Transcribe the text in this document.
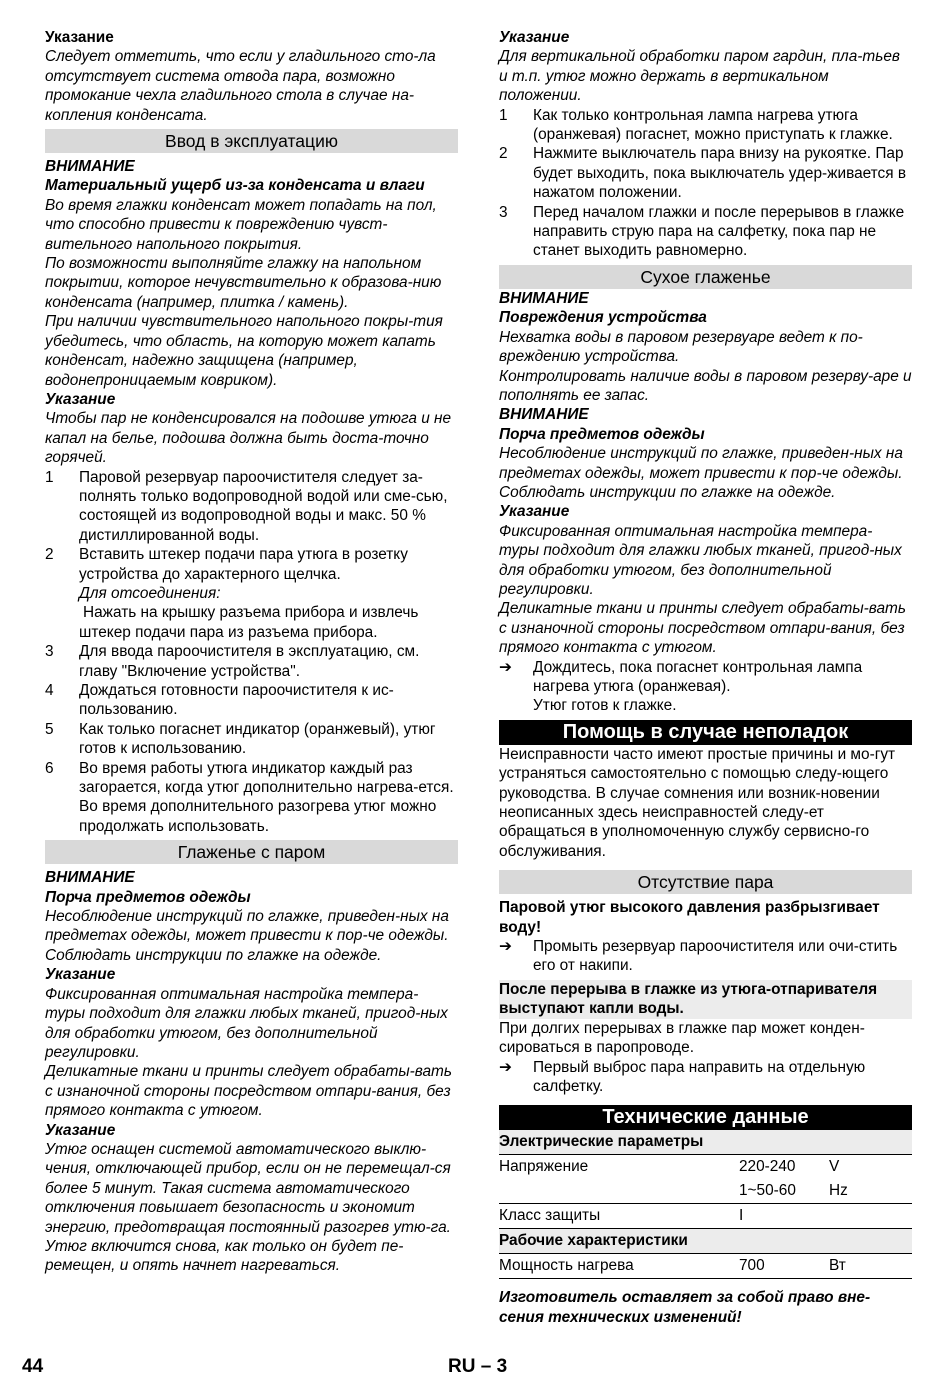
Указание

Следует отметить, что если у гладильного сто-ла отсутствует система отвода пара, возможно промокание чехла гладильного стола в случае на-копления конденсата.

Ввод в эксплуатацию

ВНИМАНИЕ

Материальный ущерб из-за конденсата и влаги

Во время глажки конденсат может попадать на пол, что способно привести к повреждению чувст-вительного напольного покрытия.

По возможности выполняйте глажку на напольном покрытии, которое нечувствительно к образова-нию конденсата (например, плитка / камень).

При наличии чувствительного напольного покры-тия убедитесь, что область, на которую может капать конденсат, надежно защищена (например, водонепроницаемым ковриком).

Указание

Чтобы пар не конденсировался на подошве утюга и не капал на белье, подошва должна быть доста-точно горячей.

1	Паровой резервуар пароочистителя следует за-полнять только водопроводной водой или сме-сью, состоящей из водопроводной воды и макс. 50 % дистиллированной воды.
2	Вставить штекер подачи пара утюга в розетку устройства до характерного щелчка.
Для отсоединения:
Нажать на крышку разъема прибора и извлечь штекер подачи пара из разъема прибора.
3	Для ввода пароочистителя в эксплуатацию, см. главу "Включение устройства".
4	Дождаться готовности пароочистителя к ис-пользованию.
5	Как только погаснет индикатор (оранжевый), утюг готов к использованию.
6	Во время работы утюга индикатор каждый раз загорается, когда утюг дополнительно нагрева-ется. Во время дополнительного разогрева утюг можно продолжать использовать.

Глаженье с паром

ВНИМАНИЕ

Порча предметов одежды

Несоблюдение инструкций по глажке, приведен-ных на предметах одежды, может привести к пор-че одежды.

Соблюдать инструкции по глажке на одежде.

Указание

Фиксированная оптимальная настройка темпера-туры подходит для глажки любых тканей, пригод-ных для обработки утюгом, без дополнительной регулировки.

Деликатные ткани и принты следует обрабаты-вать с изнаночной стороны посредством отпари-вания, без прямого контакта с утюгом.

Указание

Утюг оснащен системой автоматического выклю-чения, отключающей прибор, если он не перемещал-ся более 5 минут. Такая система автоматического отключения повышает безопасность и экономит энергию, предотвращая постоянный разогрев утю-га. Утюг включится снова, как только он будет пе-ремещен, и опять начнет нагреваться.

Указание

Для вертикальной обработки паром гардин, пла-тьев и т.п. утюг можно держать в вертикальном положении.

1	Как только контрольная лампа нагрева утюга (оранжевая) погаснет, можно приступать к глажке.
2	Нажмите выключатель пара внизу на рукоятке. Пар будет выходить, пока выключатель удер-живается в нажатом положении.
3	Перед началом глажки и после перерывов в глажке направить струю пара на салфетку, пока пар не станет выходить равномерно.

Сухое глаженье

ВНИМАНИЕ

Повреждения устройства

Нехватка воды в паровом резервуаре ведет к по-вреждению устройства.

Контролировать наличие воды в паровом резерву-аре и пополнять ее запас.

ВНИМАНИЕ

Порча предметов одежды

Несоблюдение инструкций по глажке, приведен-ных на предметах одежды, может привести к пор-че одежды.

Соблюдать инструкции по глажке на одежде.

Указание

Фиксированная оптимальная настройка темпера-туры подходит для глажки любых тканей, пригод-ных для обработки утюгом, без дополнительной регулировки.

Деликатные ткани и принты следует обрабаты-вать с изнаночной стороны посредством отпари-вания, без прямого контакта с утюгом.

➔	Дождитесь, пока погаснет контрольная лампа нагрева утюга (оранжевая).
Утюг готов к глажке.

Помощь в случае неполадок

Неисправности часто имеют простые причины и мо-гут устраняться самостоятельно с помощью следу-ющего руководства. В случае сомнения или возник-новении неописанных здесь неисправностей следу-ет обращаться в уполномоченную службу сервисно-го обслуживания.

Отсутствие пара

Паровой утюг высокого давления разбрызгивает воду!

➔	Промыть резервуар пароочистителя или очи-стить его от накипи.

После перерыва в глажке из утюга-отпаривателя выступают капли воды.

При долгих перерывах в глажке пар может конден-сироваться в паропроводе.

➔	Первый выброс пара направить на отдельную салфетку.

Технические данные

Электрические параметры		
Напряжение	220-240	V
	1~50-60	Hz
Класс защиты	I	
Рабочие характеристики		
Мощность нагрева	700	Вт

Изготовитель оставляет за собой право вне-сения технических изменений!

44	RU – 3
